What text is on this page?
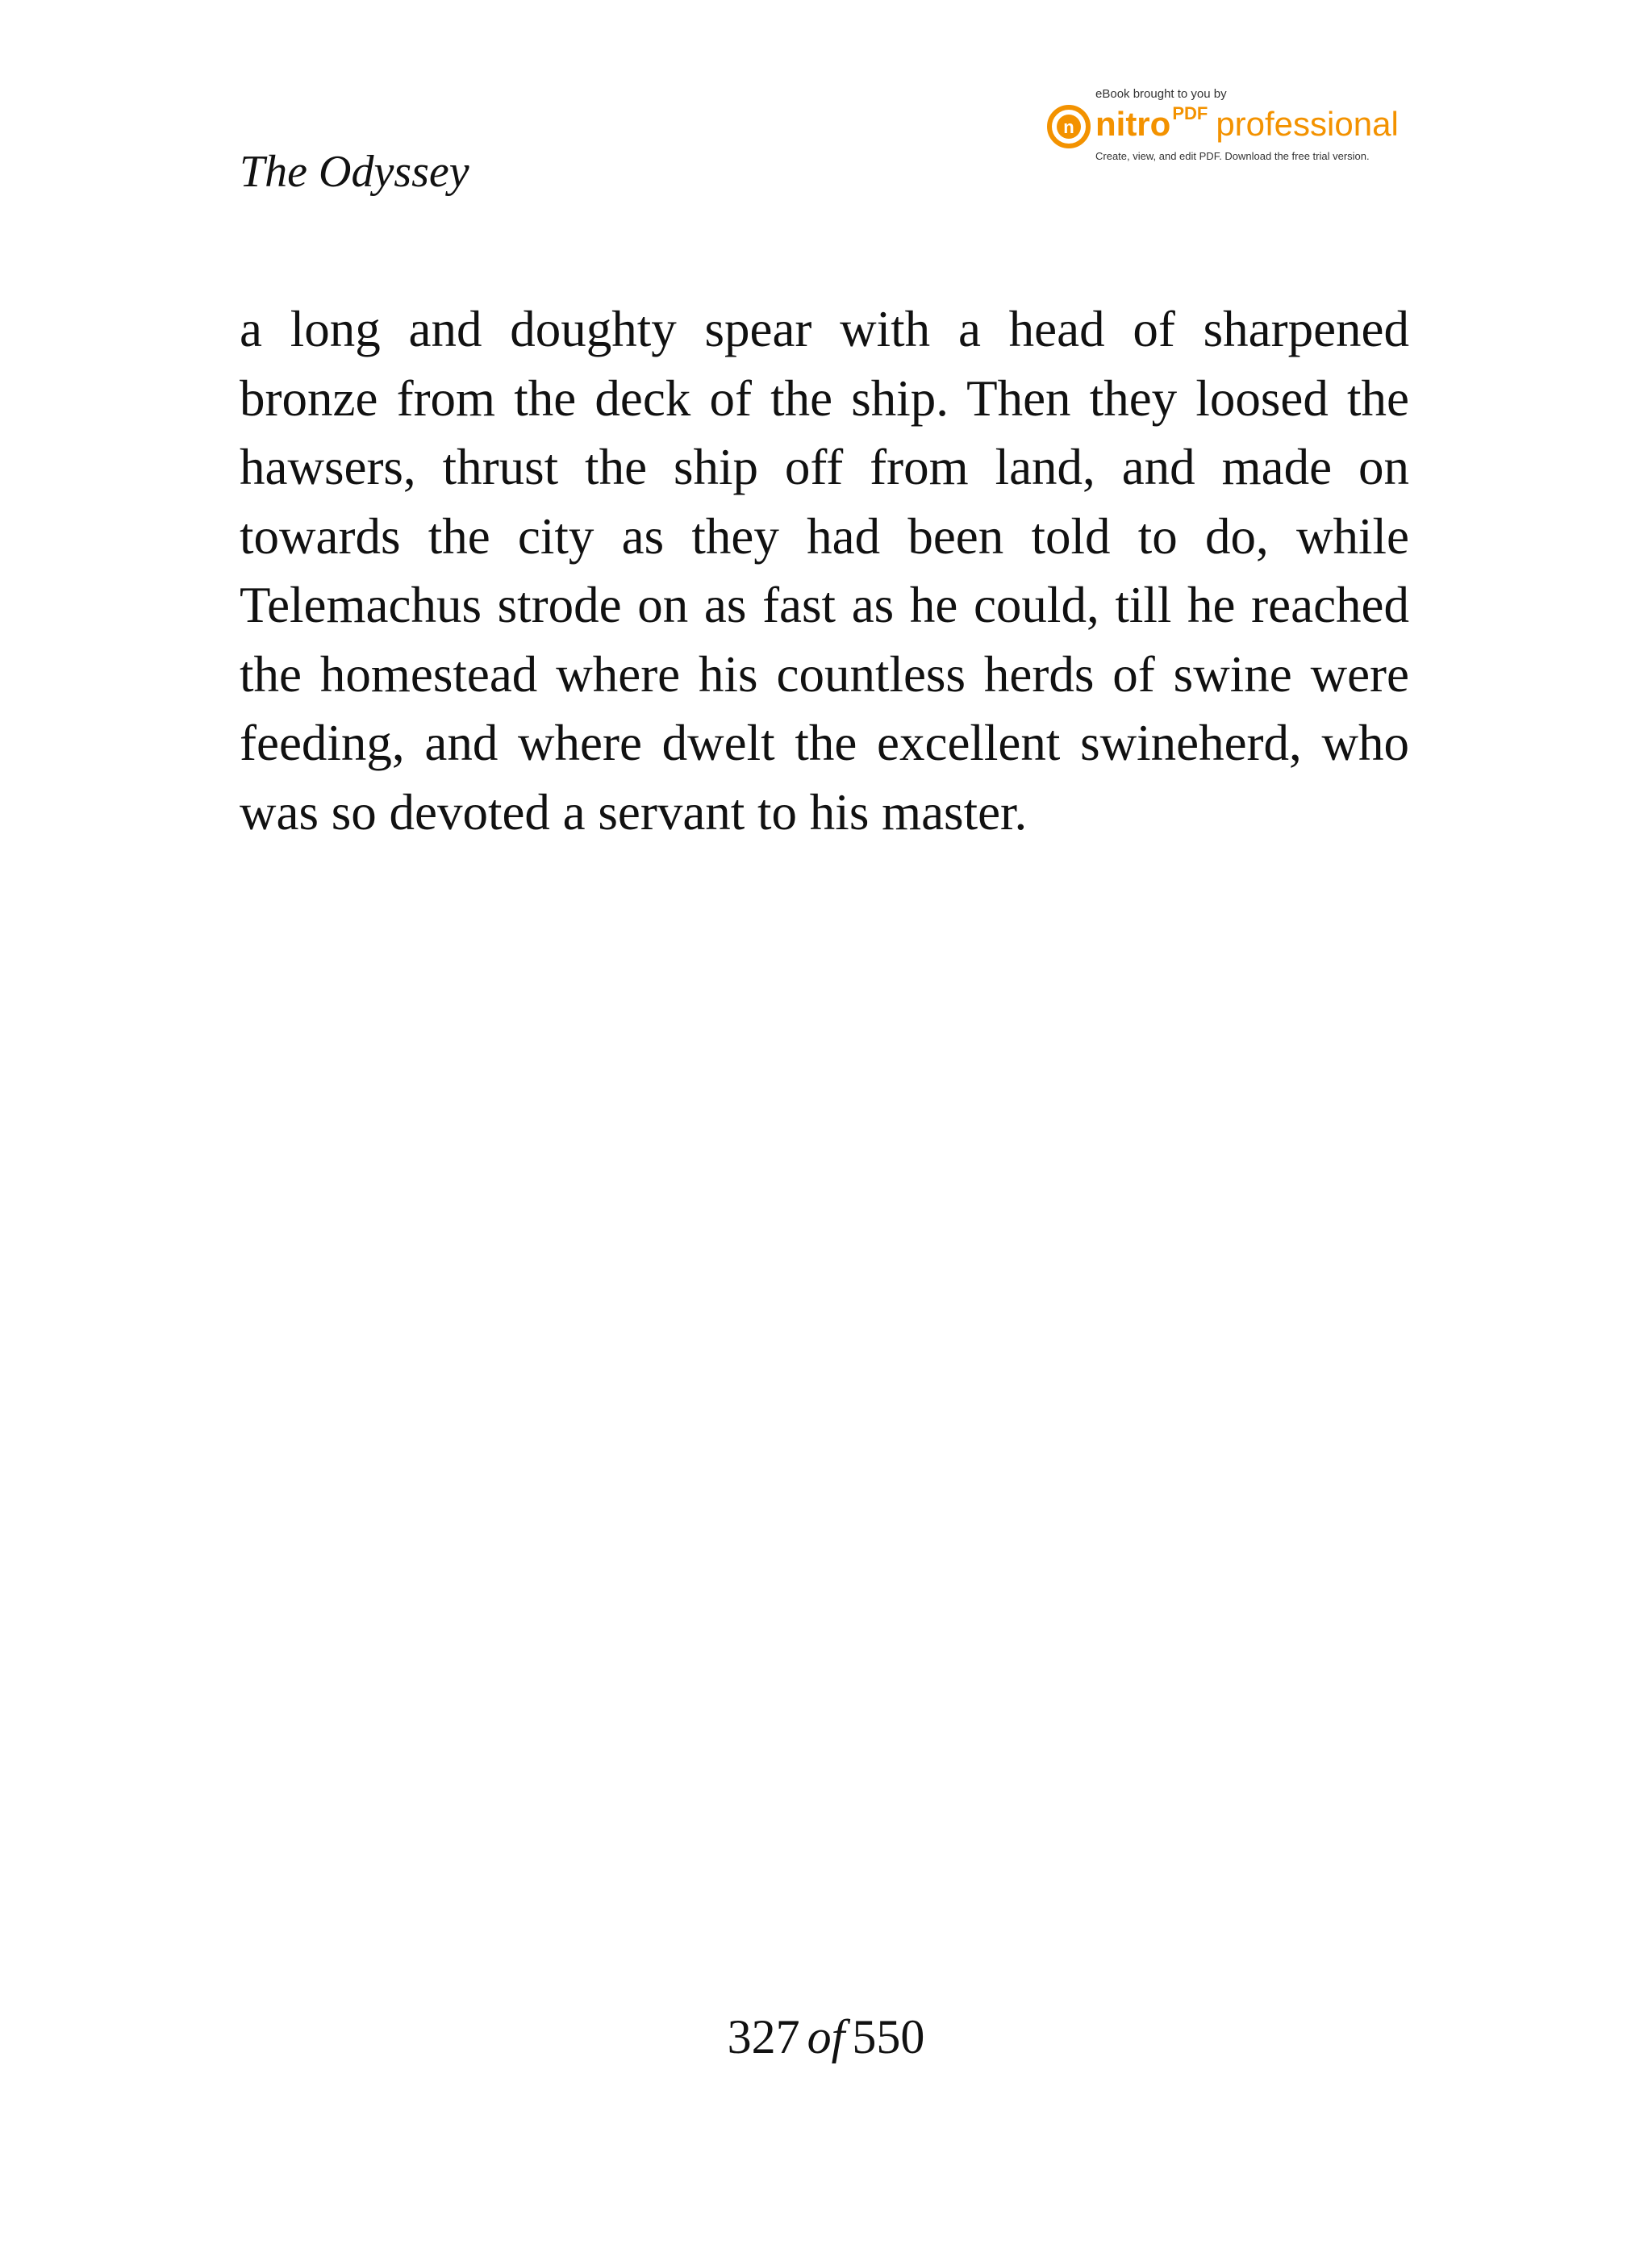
The Odyssey
eBook brought to you by
n nitro$^{PDF}$ professional
Create, view, and edit PDF. Download the free trial version.

a long and doughty spear with a head of sharpened bronze from the deck of the ship. Then they loosed the hawsers, thrust the ship off from land, and made on towards the city as they had been told to do, while Telemachus strode on as fast as he could, till he reached the homestead where his countless herds of swine were feeding, and where dwelt the excellent swineherd, who was so devoted a servant to his master.

327 of 550
